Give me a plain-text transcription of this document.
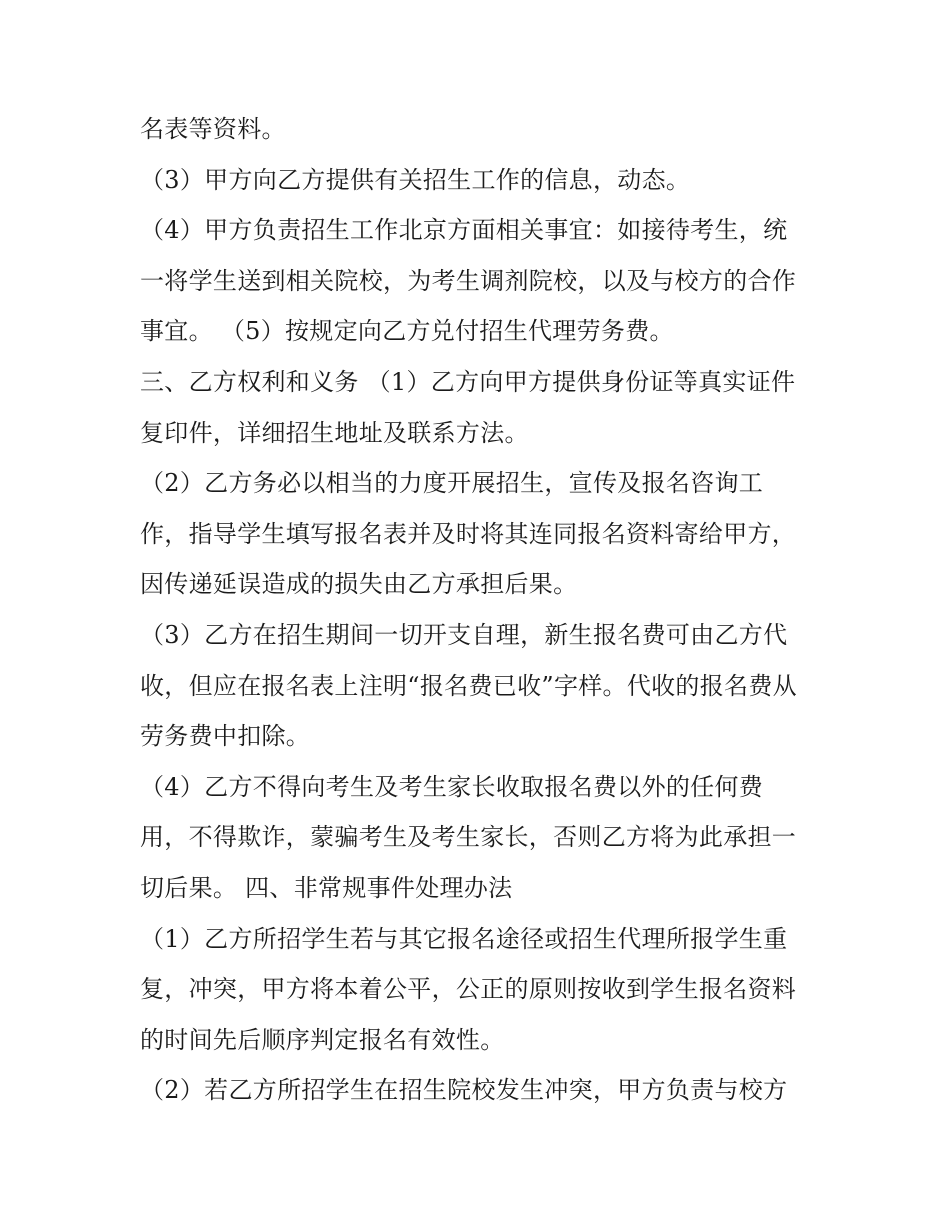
名表等资料。
（3）甲方向乙方提供有关招生工作的信息，动态。
（4）甲方负责招生工作北京方面相关事宜：如接待考生，统
一将学生送到相关院校，为考生调剂院校，以及与校方的合作
事宜。 （5）按规定向乙方兑付招生代理劳务费。
三、乙方权利和义务 （1）乙方向甲方提供身份证等真实证件
复印件，详细招生地址及联系方法。
（2）乙方务必以相当的力度开展招生，宣传及报名咨询工
作，指导学生填写报名表并及时将其连同报名资料寄给甲方，
因传递延误造成的损失由乙方承担后果。
（3）乙方在招生期间一切开支自理，新生报名费可由乙方代
收，但应在报名表上注明“报名费已收”字样。代收的报名费从
劳务费中扣除。
（4）乙方不得向考生及考生家长收取报名费以外的任何费
用，不得欺诈，蒙骗考生及考生家长，否则乙方将为此承担一
切后果。 四、非常规事件处理办法
（1）乙方所招学生若与其它报名途径或招生代理所报学生重
复，冲突，甲方将本着公平，公正的原则按收到学生报名资料
的时间先后顺序判定报名有效性。
（2）若乙方所招学生在招生院校发生冲突，甲方负责与校方
